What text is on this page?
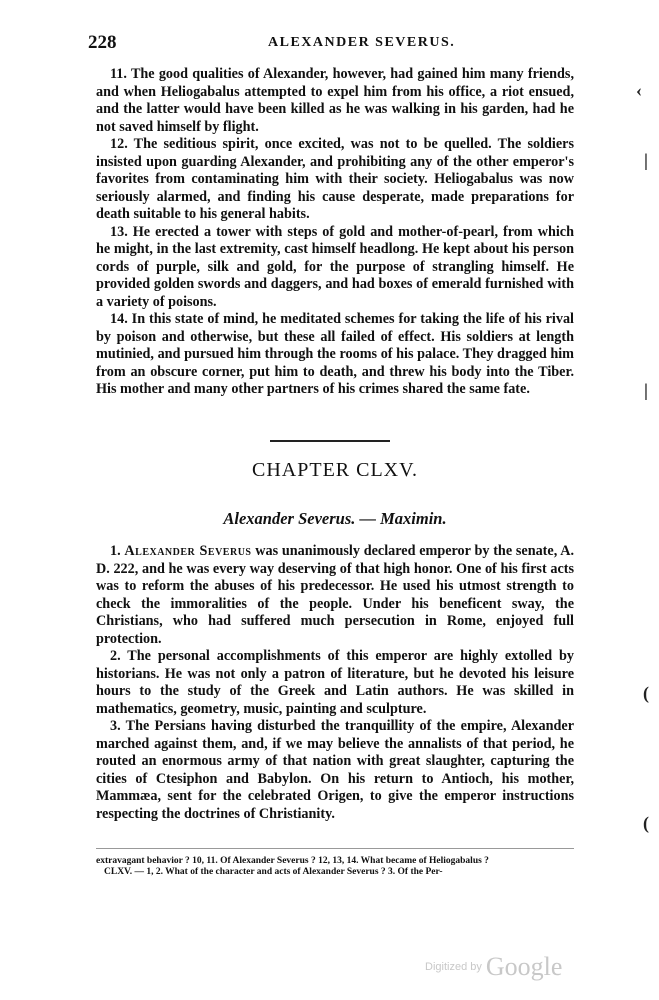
228	ALEXANDER SEVERUS.

11. The good qualities of Alexander, however, had gained him many friends, and when Heliogabalus attempted to expel him from his office, a riot ensued, and the latter would have been killed as he was walking in his garden, had he not saved himself by flight.

12. The seditious spirit, once excited, was not to be quelled. The soldiers insisted upon guarding Alexander, and prohibiting any of the other emperor's favorites from contaminating him with their society. Heliogabalus was now seriously alarmed, and finding his cause desperate, made preparations for death suitable to his general habits.

13. He erected a tower with steps of gold and mother-of-pearl, from which he might, in the last extremity, cast himself headlong. He kept about his person cords of purple, silk and gold, for the purpose of strangling himself. He provided golden swords and daggers, and had boxes of emerald furnished with a variety of poisons.

14. In this state of mind, he meditated schemes for taking the life of his rival by poison and otherwise, but these all failed of effect. His soldiers at length mutinied, and pursued him through the rooms of his palace. They dragged him from an obscure corner, put him to death, and threw his body into the Tiber. His mother and many other partners of his crimes shared the same fate.

CHAPTER CLXV.
Alexander Severus. — Maximin.

1. Alexander Severus was unanimously declared emperor by the senate, A. D. 222, and he was every way deserving of that high honor. One of his first acts was to reform the abuses of his predecessor. He used his utmost strength to check the immoralities of the people. Under his beneficent sway, the Christians, who had suffered much persecution in Rome, enjoyed full protection.

2. The personal accomplishments of this emperor are highly extolled by historians. He was not only a patron of literature, but he devoted his leisure hours to the study of the Greek and Latin authors. He was skilled in mathematics, geometry, music, painting and sculpture.

3. The Persians having disturbed the tranquillity of the empire, Alexander marched against them, and, if we may believe the annalists of that period, he routed an enormous army of that nation with great slaughter, capturing the cities of Ctesiphon and Babylon. On his return to Antioch, his mother, Mammæa, sent for the celebrated Origen, to give the emperor instructions respecting the doctrines of Christianity.

extravagant behavior ? 10, 11. Of Alexander Severus ? 12, 13, 14. What became of Heliogabalus ?
CLXV. — 1, 2. What of the character and acts of Alexander Severus ? 3. Of the Per-
‹
|
|
(
(
Digitized by Google
